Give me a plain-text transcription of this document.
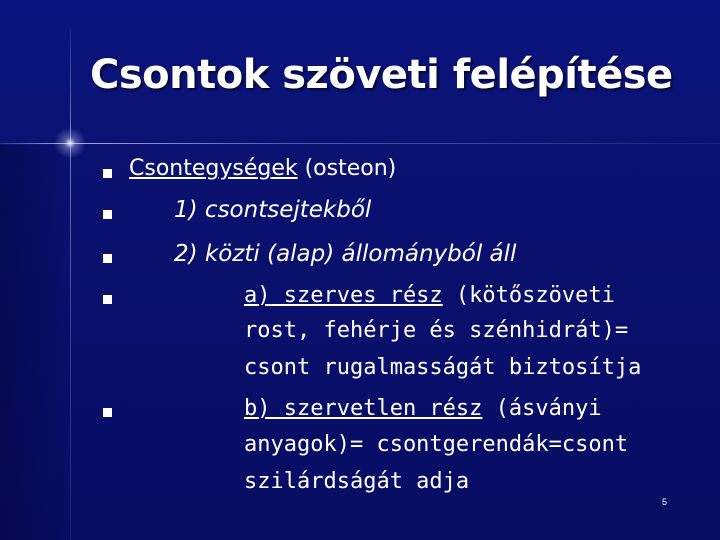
Csontok szöveti felépítése

Csontegységek (osteon)

1) csontsejtekből

2) közti (alap) állományból áll

a) szerves rész (kötőszöveti

rost, fehérje és szénhidrát)=

csont rugalmasságát biztosítja

b) szervetlen rész (ásványi

anyagok)= csontgerendák=csont

szilárdságát adja

5
